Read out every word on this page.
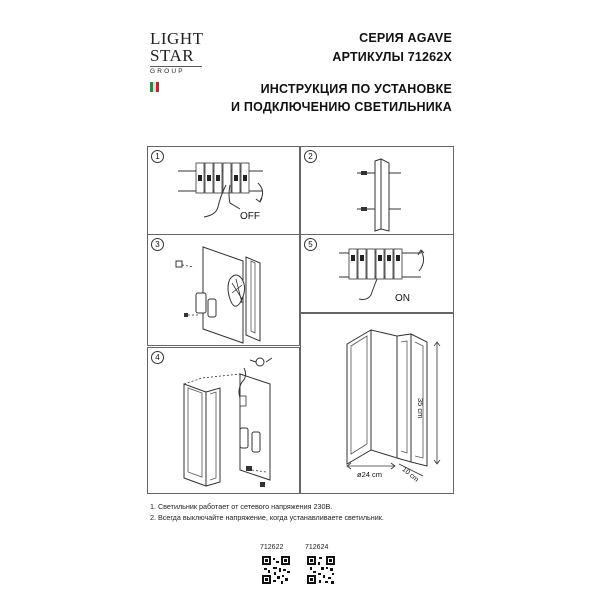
LIGHT
STAR
GROUP
СЕРИЯ AGAVE
АРТИКУЛЫ 71262X
ИНСТРУКЦИЯ ПО УСТАНОВКЕ
И ПОДКЛЮЧЕНИЮ СВЕТИЛЬНИКА
1
OFF
2
3	5
ON
4
35 cm
ø24 cm	10 cm
1. Светильник работает от сетевого напряжения 230В.
2. Всегда выключайте напряжение, когда устанавливаете светильник.
712622	712624
